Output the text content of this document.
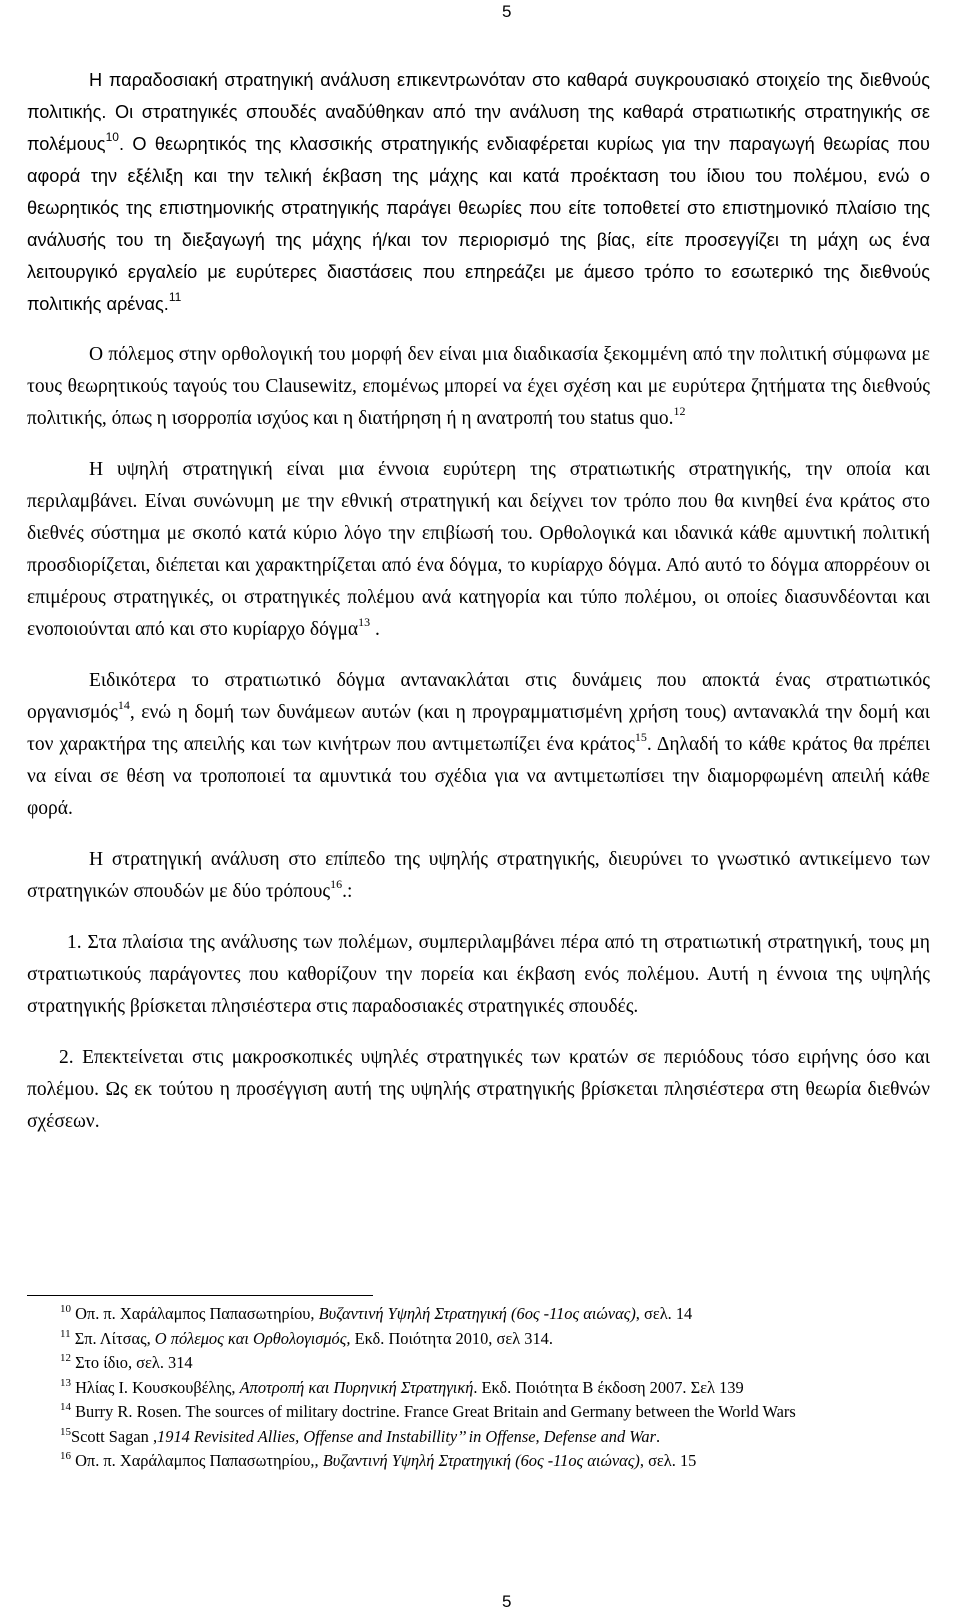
5

Η παραδοσιακή στρατηγική ανάλυση επικεντρωνόταν στο καθαρά συγκρουσιακό στοιχείο της διεθνούς πολιτικής. Οι στρατηγικές σπουδές αναδύθηκαν από την ανάλυση της καθαρά στρατιωτικής στρατηγικής σε πολέμους$^{10}$. Ο θεωρητικός της κλασσικής στρατηγικής ενδιαφέρεται κυρίως για την παραγωγή θεωρίας που αφορά την εξέλιξη και την τελική έκβαση της μάχης και κατά προέκταση του ίδιου του πολέμου, ενώ ο θεωρητικός της επιστημονικής στρατηγικής παράγει θεωρίες που είτε τοποθετεί στο επιστημονικό πλαίσιο της ανάλυσής του τη διεξαγωγή της μάχης ή/και τον περιορισμό της βίας, είτε προσεγγίζει τη μάχη ως ένα λειτουργικό εργαλείο με ευρύτερες διαστάσεις που επηρεάζει με άμεσο τρόπο το εσωτερικό της διεθνούς πολιτικής αρένας.$^{11}$

Ο πόλεμος στην ορθολογική του μορφή δεν είναι μια διαδικασία ξεκομμένη από την πολιτική σύμφωνα με τους θεωρητικούς ταγούς του Clausewitz, επομένως μπορεί να έχει σχέση και με ευρύτερα ζητήματα της διεθνούς πολιτικής, όπως η ισορροπία ισχύος και η διατήρηση ή η ανατροπή του status quo.$^{12}$

Η υψηλή στρατηγική είναι μια έννοια ευρύτερη της στρατιωτικής στρατηγικής, την οποία και περιλαμβάνει. Είναι συνώνυμη με την εθνική στρατηγική και δείχνει τον τρόπο που θα κινηθεί ένα κράτος στο διεθνές σύστημα με σκοπό κατά κύριο λόγο την επιβίωσή του. Ορθολογικά και ιδανικά κάθε αμυντική πολιτική προσδιορίζεται, διέπεται και χαρακτηρίζεται από ένα δόγμα, το κυρίαρχο δόγμα. Από αυτό το δόγμα απορρέουν οι επιμέρους στρατηγικές, οι στρατηγικές πολέμου ανά κατηγορία και τύπο πολέμου, οι οποίες διασυνδέονται και ενοποιούνται από και στο κυρίαρχο δόγμα$^{13}$ .

Ειδικότερα το στρατιωτικό δόγμα αντανακλάται στις δυνάμεις που αποκτά ένας στρατιωτικός οργανισμός$^{14}$, ενώ η δομή των δυνάμεων αυτών (και η προγραμματισμένη χρήση τους) αντανακλά την δομή και τον χαρακτήρα της απειλής και των κινήτρων που αντιμετωπίζει ένα κράτος$^{15}$. Δηλαδή το κάθε κράτος θα πρέπει να είναι σε θέση να τροποποιεί τα αμυντικά του σχέδια για να αντιμετωπίσει την διαμορφωμένη απειλή κάθε φορά.

Η στρατηγική ανάλυση στο επίπεδο της υψηλής στρατηγικής, διευρύνει το γνωστικό αντικείμενο των στρατηγικών σπουδών με δύο τρόπους$^{16}$.:

1. Στα πλαίσια της ανάλυσης των πολέμων, συμπεριλαμβάνει πέρα από τη στρατιωτική στρατηγική, τους μη στρατιωτικούς παράγοντες που καθορίζουν την πορεία και έκβαση ενός πολέμου. Αυτή η έννοια της υψηλής στρατηγικής βρίσκεται πλησιέστερα στις παραδοσιακές στρατηγικές σπουδές.

2. Επεκτείνεται στις μακροσκοπικές υψηλές στρατηγικές των κρατών σε περιόδους τόσο ειρήνης όσο και πολέμου. Ως εκ τούτου η προσέγγιση αυτή της υψηλής στρατηγικής βρίσκεται πλησιέστερα στη θεωρία διεθνών σχέσεων.

$^{10}$ Οπ. π. Χαράλαμπος Παπασωτηρίου, Βυζαντινή Υψηλή Στρατηγική (6ος -11ος αιώνας), σελ. 14

$^{11}$ Σπ. Λίτσας, Ο πόλεμος και Ορθολογισμός, Εκδ. Ποιότητα 2010, σελ 314.

$^{12}$ Στο ίδιο, σελ. 314

$^{13}$ Ηλίας Ι. Κουσκουβέλης, Αποτροπή και Πυρηνική Στρατηγική. Εκδ. Ποιότητα Β έκδοση 2007. Σελ 139

$^{14}$ Burry R. Rosen. The sources of military doctrine. France Great Britain and Germany between the World Wars

$^{15}$Scott Sagan ,1914 Revisited Allies, Offense and Instabillity’’ in Offense, Defense and War.

$^{16}$ Οπ. π. Χαράλαμπος Παπασωτηρίου,, Βυζαντινή Υψηλή Στρατηγική (6ος -11ος αιώνας), σελ. 15

5
